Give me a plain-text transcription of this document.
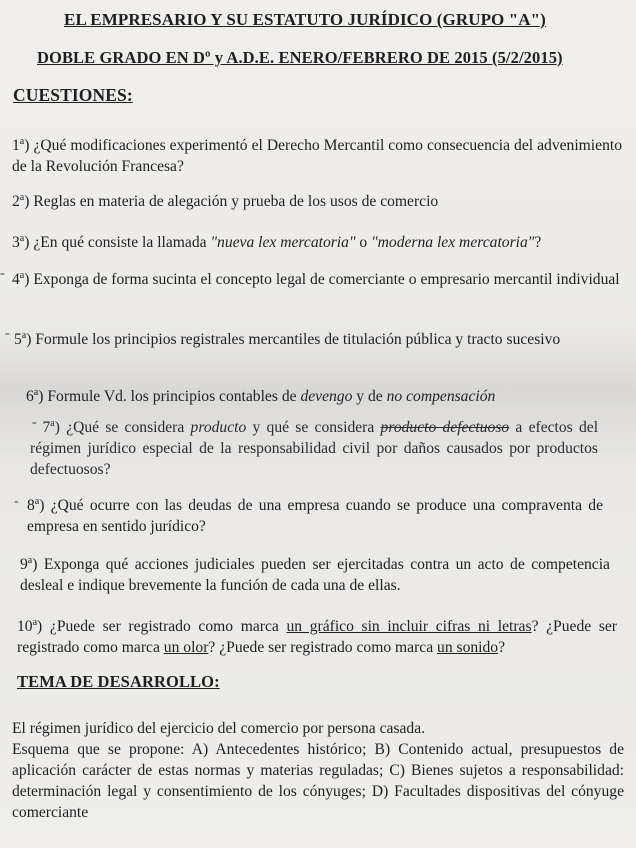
EL EMPRESARIO Y SU ESTATUTO JURÍDICO (GRUPO "A")
DOBLE GRADO EN Dº y A.D.E. ENERO/FEBRERO DE 2015 (5/2/2015)
CUESTIONES:
1$^a$) ¿Qué modificaciones experimentó el Derecho Mercantil como consecuencia del advenimiento de la Revolución Francesa?
2$^a$) Reglas en materia de alegación y prueba de los usos de comercio
3$^a$) ¿En qué consiste la llamada "nueva lex mercatoria" o "moderna lex mercatoria"?
‐ 4$^a$) Exponga de forma sucinta el concepto legal de comerciante o empresario mercantil individual
‐ 5$^a$) Formule los principios registrales mercantiles de titulación pública y tracto sucesivo
6$^a$) Formule Vd. los principios contables de devengo y de no compensación
‐ 7$^a$) ¿Qué se considera producto y qué se considera producto defectuoso a efectos del régimen jurídico especial de la responsabilidad civil por daños causados por productos defectuosos?
‐ 8$^a$) ¿Qué ocurre con las deudas de una empresa cuando se produce una compraventa de empresa en sentido jurídico?
9$^a$) Exponga qué acciones judiciales pueden ser ejercitadas contra un acto de competencia desleal e indique brevemente la función de cada una de ellas.
10$^a$) ¿Puede ser registrado como marca un gráfico sin incluir cifras ni letras? ¿Puede ser registrado como marca un olor? ¿Puede ser registrado como marca un sonido?
TEMA DE DESARROLLO:

El régimen jurídico del ejercicio del comercio por persona casada.

Esquema que se propone: A) Antecedentes histórico; B) Contenido actual, presupuestos de aplicación carácter de estas normas y materias reguladas; C) Bienes sujetos a responsabilidad: determinación legal y consentimiento de los cónyuges; D) Facultades dispositivas del cónyuge comerciante
